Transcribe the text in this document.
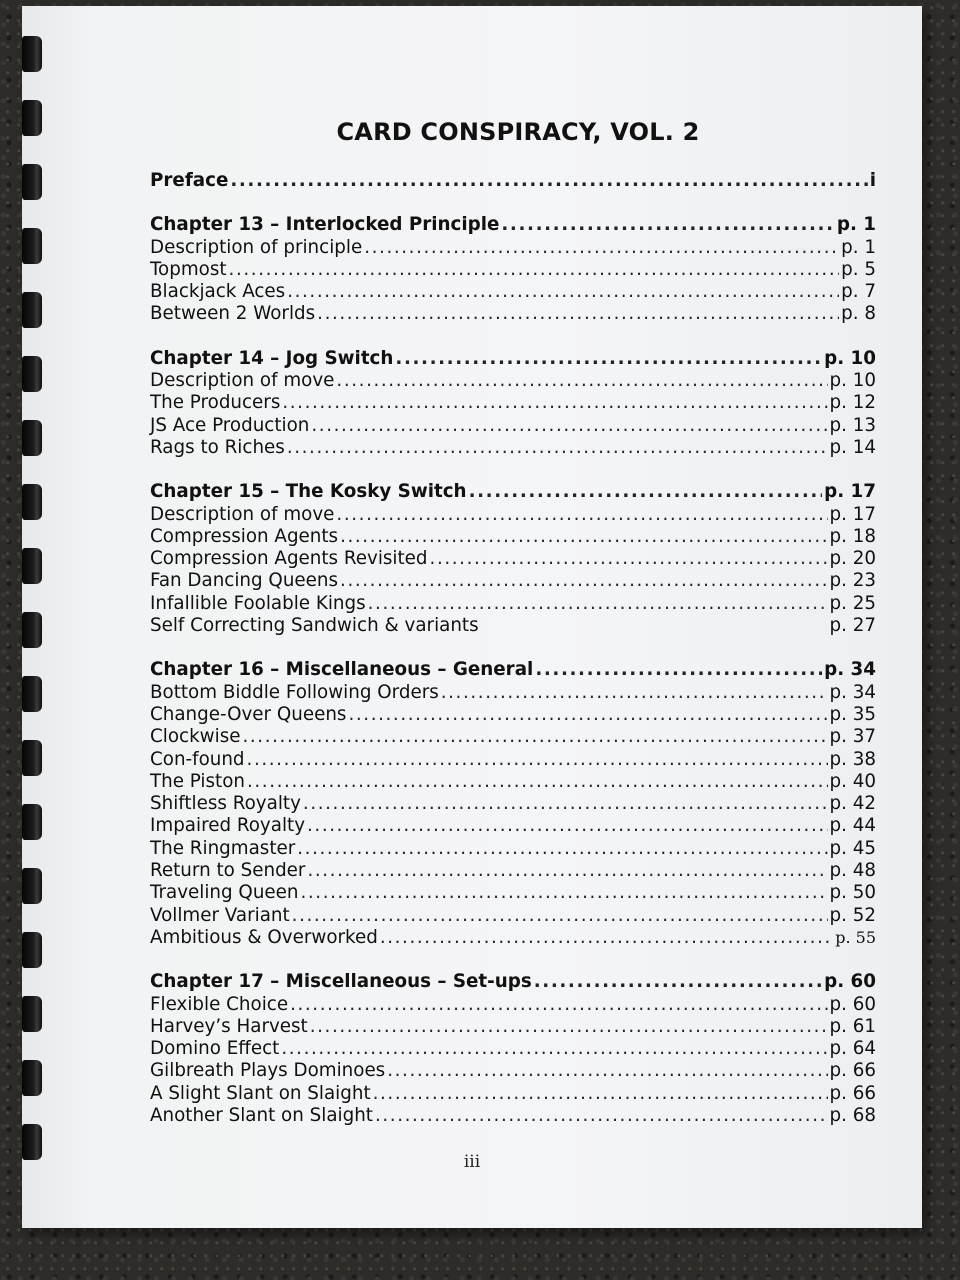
CARD CONSPIRACY, VOL. 2
Preface .....	i
Chapter 13 – Interlocked Principle .....	p. 1
Description of principle .....	p. 1
Topmost .....	p. 5
Blackjack Aces .....	p. 7
Between 2 Worlds .....	p. 8
Chapter 14 – Jog Switch .....	p. 10
Description of move .....	p. 10
The Producers .....	p. 12
JS Ace Production .....	p. 13
Rags to Riches .....	p. 14
Chapter 15 – The Kosky Switch .....	p. 17
Description of move .....	p. 17
Compression Agents .....	p. 18
Compression Agents Revisited .....	p. 20
Fan Dancing Queens .....	p. 23
Infallible Foolable Kings .....	p. 25
Self Correcting Sandwich & variants	p. 27
Chapter 16 – Miscellaneous – General .....	p. 34
Bottom Biddle Following Orders .....	p. 34
Change-Over Queens .....	p. 35
Clockwise .....	p. 37
Con-found .....	p. 38
The Piston .....	p. 40
Shiftless Royalty .....	p. 42
Impaired Royalty .....	p. 44
The Ringmaster .....	p. 45
Return to Sender .....	p. 48
Traveling Queen .....	p. 50
Vollmer Variant .....	p. 52
Ambitious & Overworked .....	p. 55
Chapter 17 – Miscellaneous – Set-ups .....	p. 60
Flexible Choice .....	p. 60
Harvey’s Harvest .....	p. 61
Domino Effect .....	p. 64
Gilbreath Plays Dominoes .....	p. 66
A Slight Slant on Slaight .....	p. 66
Another Slant on Slaight .....	p. 68
iii
